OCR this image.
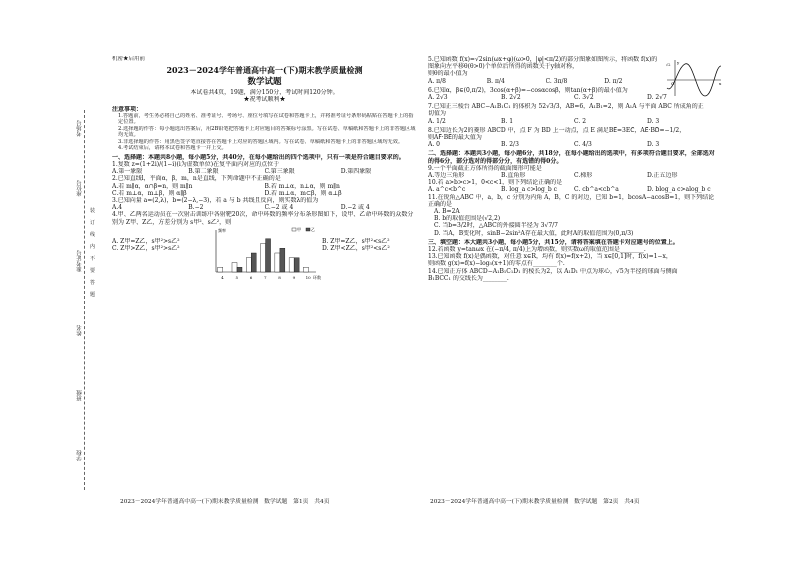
考场号
座位号
准考证号
姓名
班级
学校
装
订
线
内
不
要
答
题
机密★启用前
2023－2024学年普通高中高一(下)期末教学质量检测
数学试题
本试卷共4页，19题，满分150分，考试时间120分钟。
★祝考试顺利★
注意事项：
1.答题前，考生务必将自己的姓名、准考证号、考场号、座位号填写在试卷和答题卡上，并将准考证号条形码粘贴在答题卡上的指定位置。
2.选择题的作答：每小题选出答案后，用2B铅笔把答题卡上对应题目的答案标号涂黑。写在试卷、草稿纸和答题卡上的非答题区域均无效。
3.非选择题的作答：用黑色签字笔直接答在答题卡上对应的答题区域内。写在试卷、草稿纸和答题卡上的非答题区域均无效。
4.考试结束后，请将本试卷和答题卡一并上交。
一、选择题：本题共8小题，每小题5分，共40分，在每小题给出的四个选项中，只有一项是符合题目要求的。
1.复数 z=(1+2i)/(1−i)(i为虚数单位)在复平面内对应的点位于
A.第一象限	B.第二象限	C.第三象限	D.第四象限
2.已知直线l，平面α，β，m，n是直线，下列命题中不正确的是
A.若 m∥α，α∩β=n，则 m∥n	B.若 m⊥α，n⊥α，则 m∥n
C.若 m⊥α，m⊥β，则 α∥β	D.若 m⊥α，m⊂β，则 α⊥β
3.已知向量 a=(2,λ)，b=(2−λ,−3)，若 a 与 b 共线且反向，则实数λ的值为
A.4	B.−2	C.−2 或 4	D.−2 或 4
4.甲、乙两名运动员在一次射击训练中各射靶20次，命中环数的频率分布条形图如下，设甲、乙命中环数的众数分别为 Z甲、Z乙，方差分别为 s甲²、s乙²，则
A. Z甲=Z乙，s甲²>s乙²
C. Z甲>Z乙，s甲²>s乙²
4	5	6	7	8	9	10
频率
环数
甲	乙
B. Z甲=Z乙，s甲²<s乙²
D. Z甲<Z乙，s甲²<s乙²
2023－2024学年普通高中高一(下)期末教学质量检测　数学试题　第1页　共4页
5.已知函数 f(x)=√2sin(ωx+φ)(ω>0，|φ|<π/2)的部分图象如图所示，将函数 f(x)的图象向左平移θ(θ>0)个单位后所得的函数关于y轴对称，
则θ的最小值为
A. π/8	B. π/4	C. 3π/8	D. π/2
6.已知α，β∈(0,π/2)，3cos(α+β)=−cosαcosβ，则tan(α+β)的最小值为
A. 2√3	B. 2√2	C. 3√2	D. 2√7
7.已知正三棱台 ABC−A₁B₁C₁ 的体积为 52√3/3，AB=6，A₁B₁=2，则 A₁A 与平面 ABC 所成角的正
切值为
A. 1/2	B. 1	C. 2	D. 3
8.已知边长为2的菱形 ABCD 中，点 F 为 BD 上一动点，点 E 满足BE⃗=3EC⃗，AE⃗·BD⃗=−1/2，
则AF⃗·BE⃗的最大值为
A. 0	B. 2/3	C. 4/3	D. 3
二、选择题：本题共3小题，每小题6分，共18分，在每小题给出的选项中，有多项符合题目要求，全部选对的得6分，部分选对的得部分分，有选错的得0分。
9.一个平面截正方体所得的截面图形可能是
A.等边三角形	B.直角形	C.梯形	D.正五边形
10.若 a>b>c>1，0<c<1，则下列结论正确的是
A. a^c<b^c	B. log_a c>log_b c	C. cb^a<cb^a	D. blog_a c>alog_b c
11.在锐角△ABC 中，a，b，c 分别为内角 A，B，C 的对边，已知 b=1，bcosA−acosB=1，则下列结论正确的是
A. B=2A
B. b的取值范围是(√2,2)
C. 当b=3/2时，△ABC的外接圆半径为 3√7/7
D. 当A，B变化时，sinB−2sin²A存在最大值，此时A的取值范围为(0,π/3)
三、填空题：本大题共3小题，每小题5分，共15分，请将答案填在答题卡对应题号的位置上。
12.若函数 y=tanωx 在(−π/4, π/4)上为增函数，则实数ω的取值范围是________.
13.已知函数 f(x)是偶函数，对任意 x∈R，均有 f(x)=f(x+2)，当 x∈[0,1]时，f(x)=1−x，
则函数 g(x)=f(x)−log₅(x+1)的零点有________个.
14.已知正方体 ABCD−A₁B₁C₁D₁ 的棱长为2，以 A₁D₁ 中点为球心，√5为半径的球面与侧面
B₁BCC₁ 的交线长为________.
2023－2024学年普通高中高一(下)期末教学质量检测　数学试题　第2页　共4页
y
x
O
√2
